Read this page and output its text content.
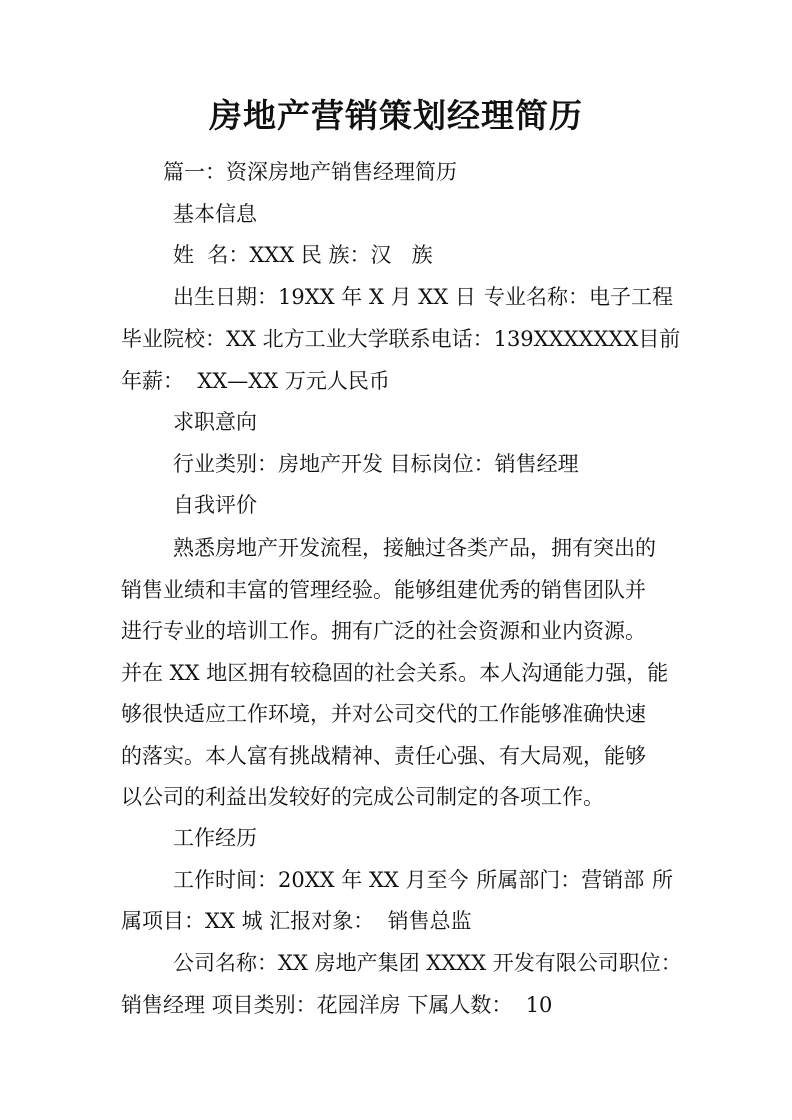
房地产营销策划经理简历
篇一：资深房地产销售经理简历
基本信息
姓  名：XXX 民 族：汉   族
出生日期：19XX 年 X 月 XX 日 专业名称：电子工程
毕业院校：XX 北方工业大学 联系电话：139XXXXXXX 目前
年薪：  XX—XX 万元人民币
求职意向
行业类别：房地产开发 目标岗位：销售经理
自我评价
熟悉房地产开发流程，接触过各类产品，拥有突出的
销售业绩和丰富的管理经验。能够组建优秀的销售团队并
进行专业的培训工作。拥有广泛的社会资源和业内资源。
并在 XX 地区拥有较稳固的社会关系。本人沟通能力强，能
够很快适应工作环境，并对公司交代的工作能够准确快速
的落实。本人富有挑战精神、责任心强、有大局观，能够
以公司的利益出发较好的完成公司制定的各项工作。
工作经历
工作时间：20XX 年 XX 月至今 所属部门：营销部 所
属项目：XX 城 汇报对象：  销售总监
公司名称：XX 房地产集团 XXXX 开发有限公司 职位：
销售经理 项目类别：花园洋房 下属人数：  10
